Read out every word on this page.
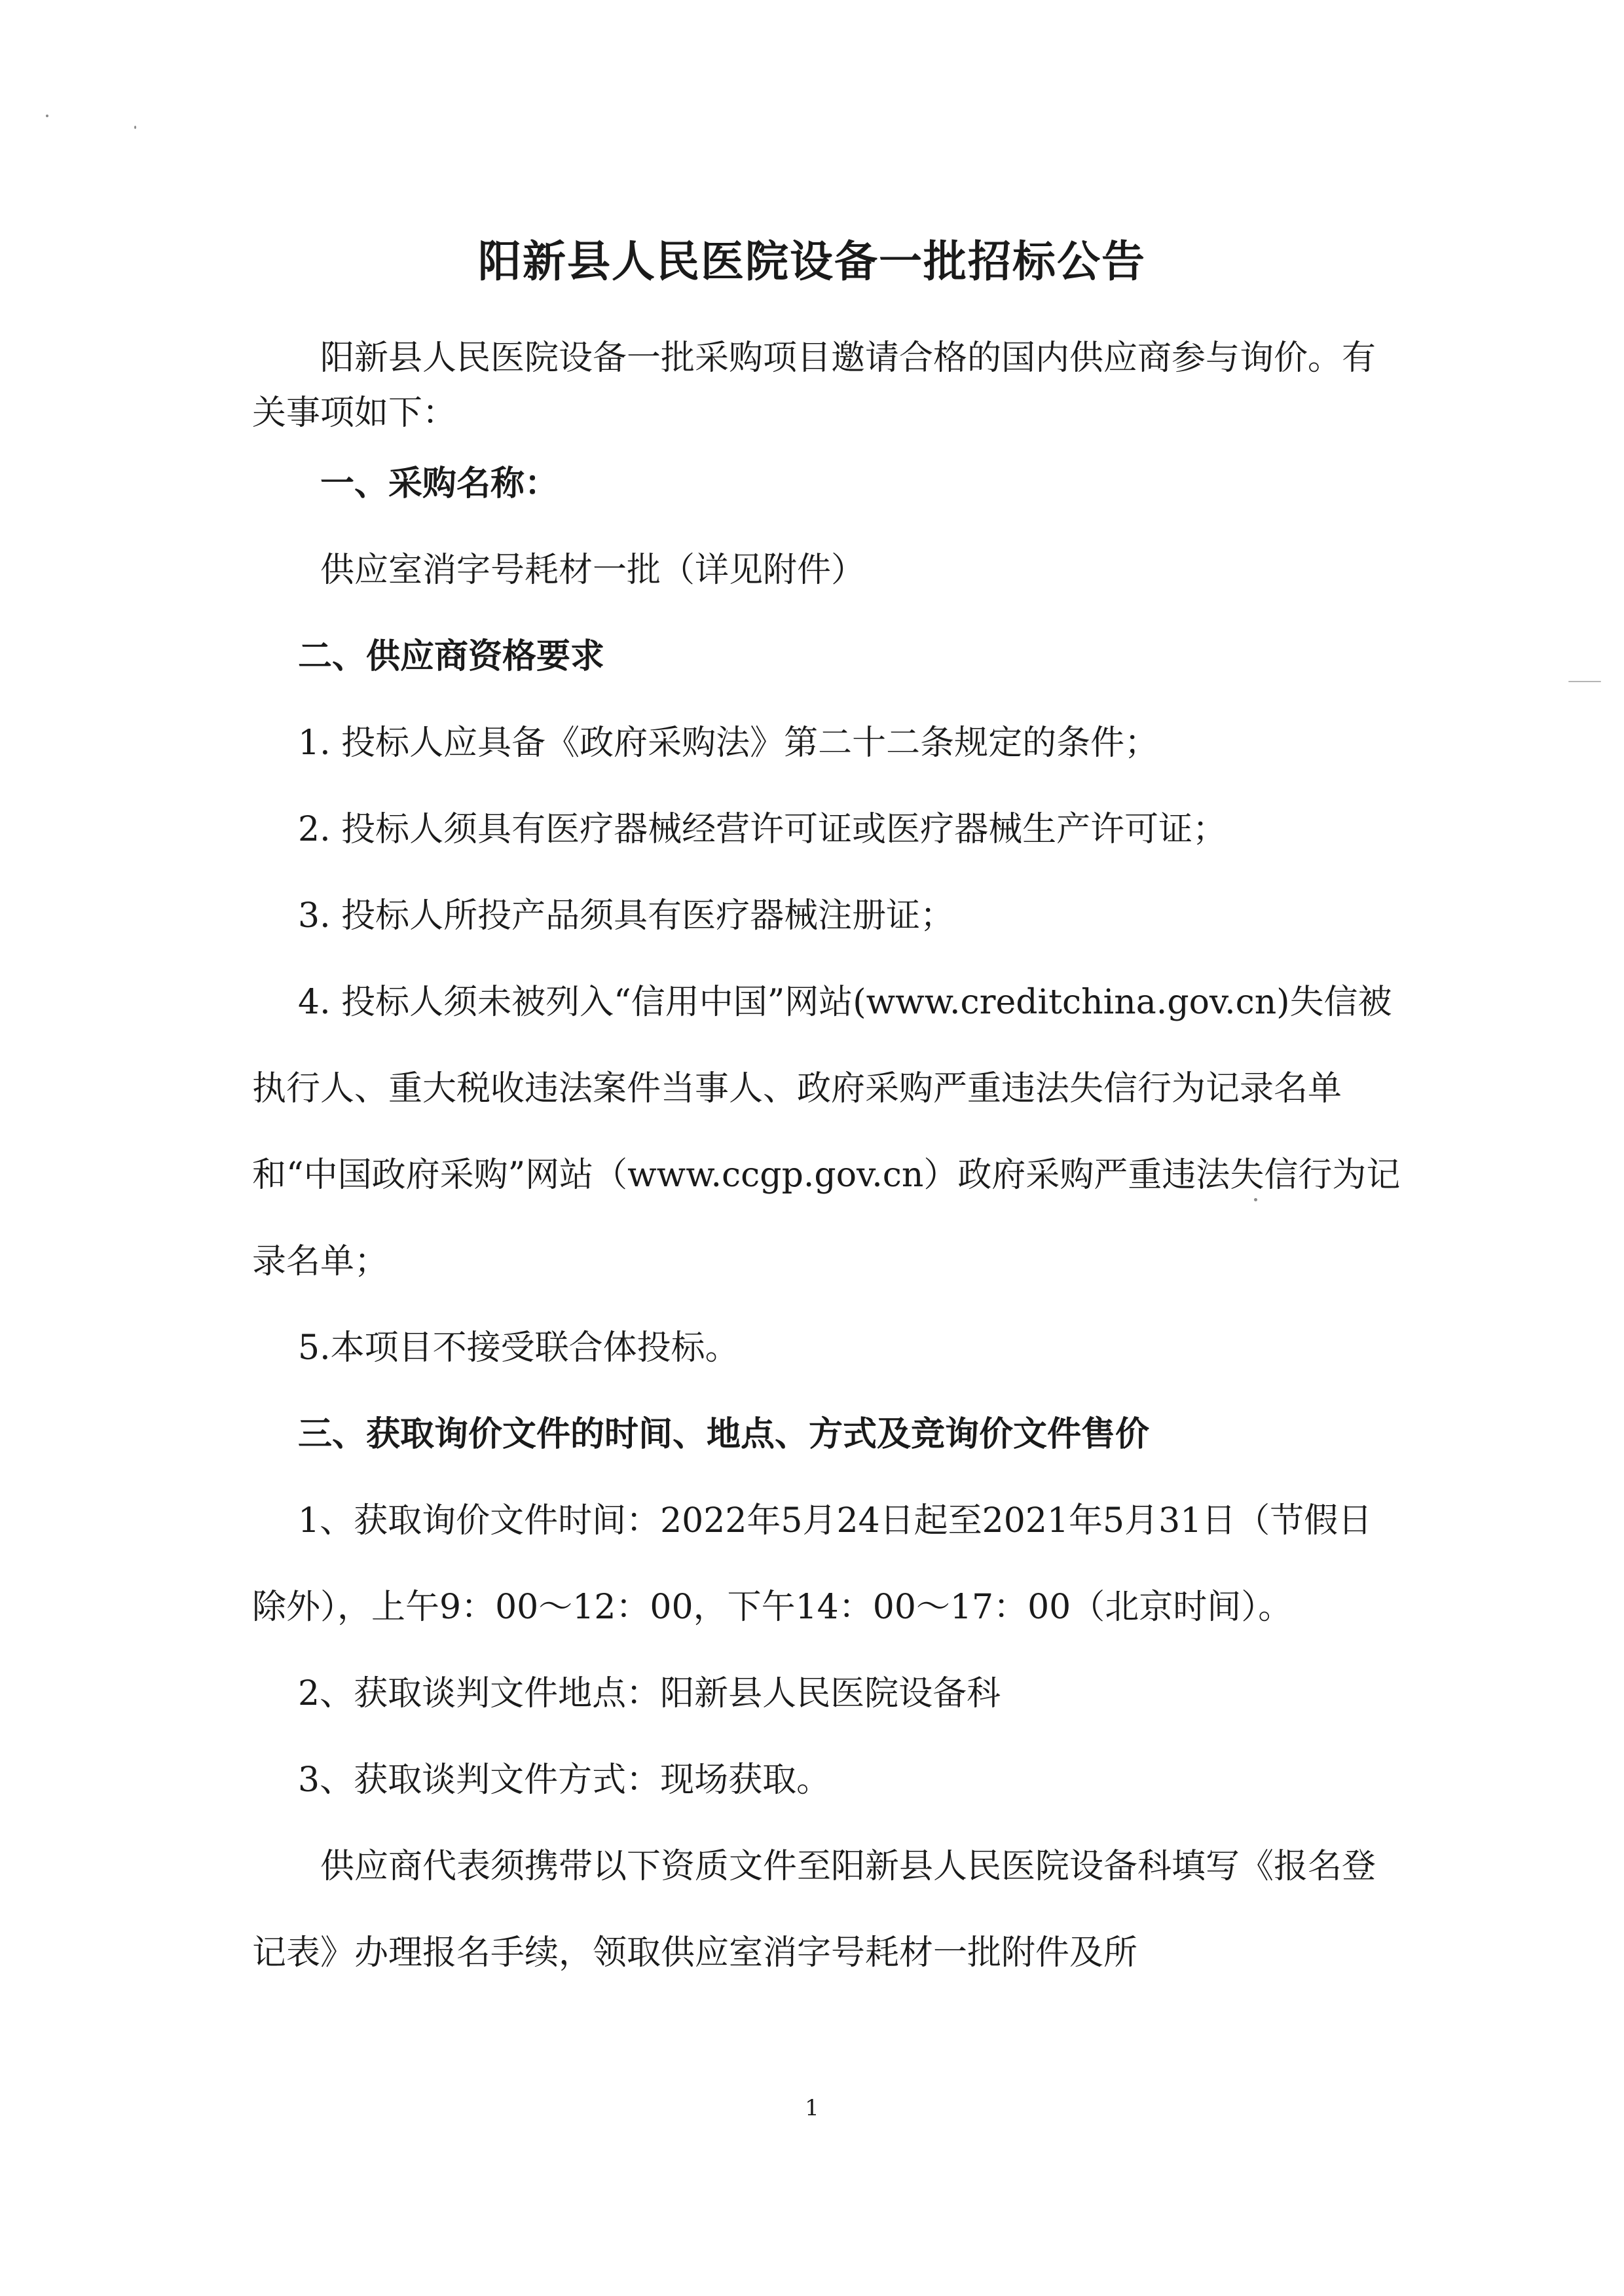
阳新县人民医院设备一批招标公告

阳新县人民医院设备一批采购项目邀请合格的国内供应商参与询价。有关事项如下：

一、采购名称：

供应室消字号耗材一批（详见附件）

二、供应商资格要求

1. 投标人应具备《政府采购法》第二十二条规定的条件；

2. 投标人须具有医疗器械经营许可证或医疗器械生产许可证；

3. 投标人所投产品须具有医疗器械注册证；

4. 投标人须未被列入“信用中国”网站(www.creditchina.gov.cn)失信被执行人、重大税收违法案件当事人、政府采购严重违法失信行为记录名单和“中国政府采购”网站（www.ccgp.gov.cn）政府采购严重违法失信行为记录名单；

5.本项目不接受联合体投标。

三、获取询价文件的时间、地点、方式及竞询价文件售价

1、获取询价文件时间：2022年5月24日起至2021年5月31日（节假日除外），上午9：00～12：00，下午14：00～17：00（北京时间）。

2、获取谈判文件地点：阳新县人民医院设备科

3、获取谈判文件方式：现场获取。

供应商代表须携带以下资质文件至阳新县人民医院设备科填写《报名登记表》办理报名手续，领取供应室消字号耗材一批附件及所

1
